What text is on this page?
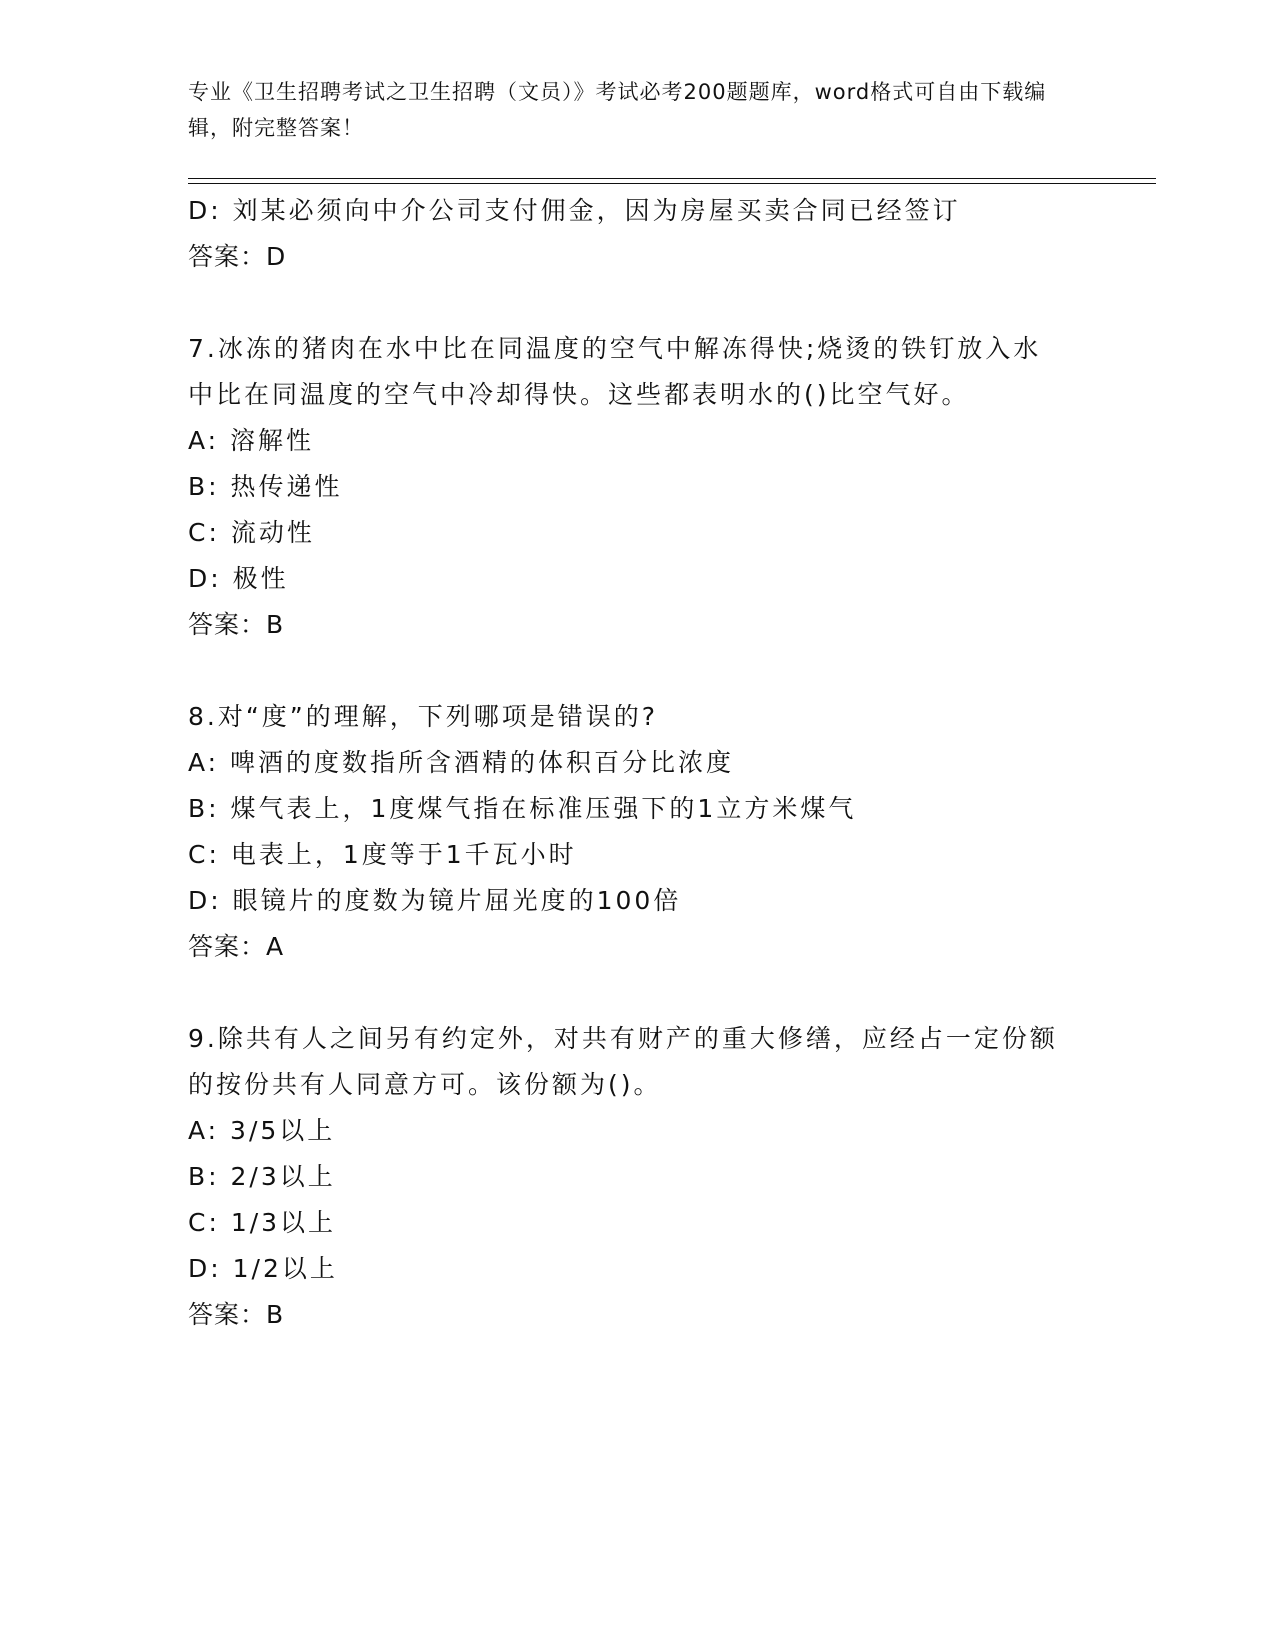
专业《卫生招聘考试之卫生招聘（文员）》考试必考200题题库，word格式可自由下载编辑，附完整答案！
D: 刘某必须向中介公司支付佣金，因为房屋买卖合同已经签订
答案：D
7.冰冻的猪肉在水中比在同温度的空气中解冻得快;烧烫的铁钉放入水中比在同温度的空气中冷却得快。这些都表明水的()比空气好。
A: 溶解性
B: 热传递性
C: 流动性
D: 极性
答案：B
8.对“度”的理解，下列哪项是错误的?
A: 啤酒的度数指所含酒精的体积百分比浓度
B: 煤气表上，1度煤气指在标准压强下的1立方米煤气
C: 电表上，1度等于1千瓦小时
D: 眼镜片的度数为镜片屈光度的100倍
答案：A
9.除共有人之间另有约定外，对共有财产的重大修缮，应经占一定份额的按份共有人同意方可。该份额为()。
A: 3/5以上
B: 2/3以上
C: 1/3以上
D: 1/2以上
答案：B
